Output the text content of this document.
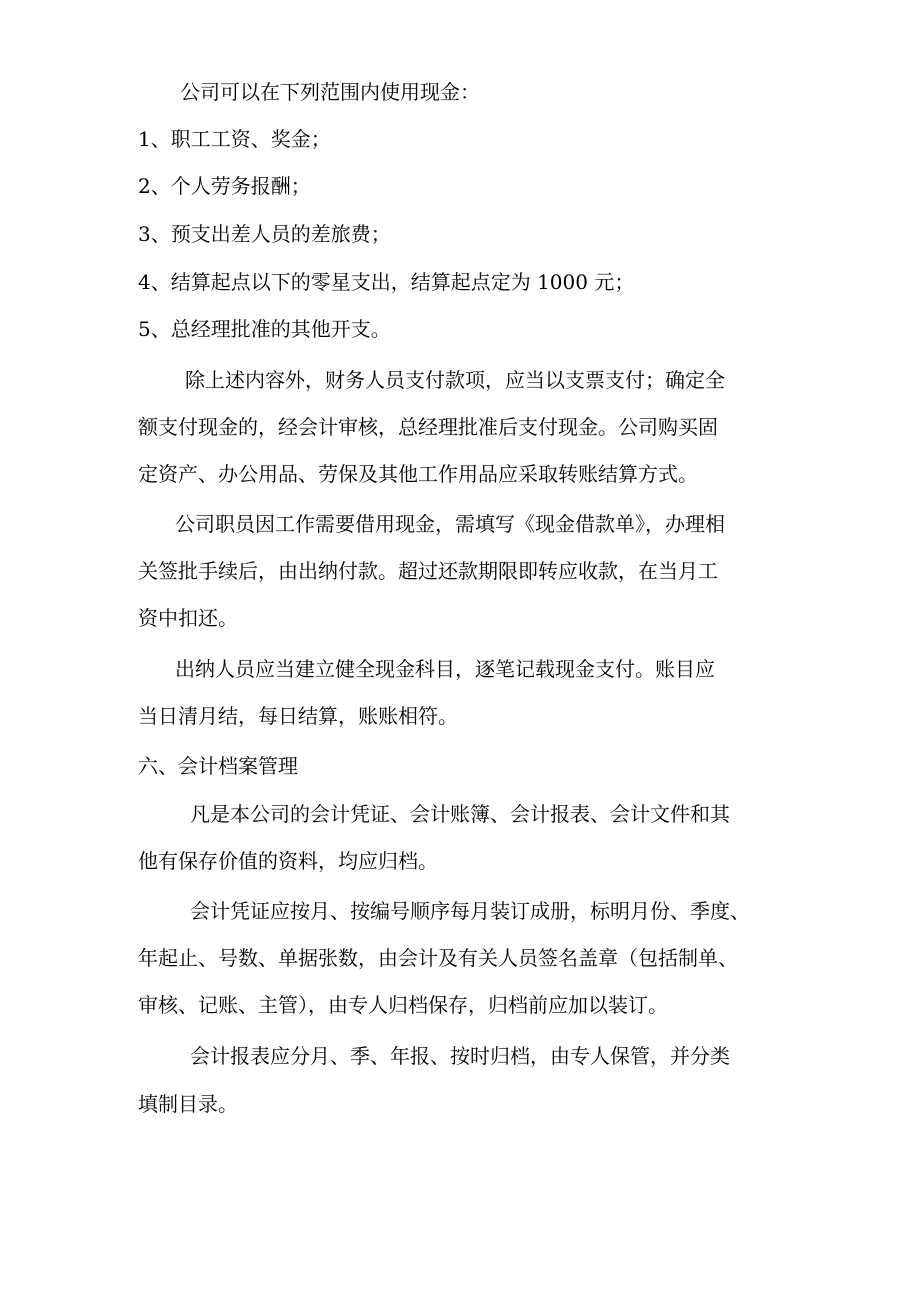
公司可以在下列范围内使用现金：
1、职工工资、奖金；
2、个人劳务报酬；
3、预支出差人员的差旅费；
4、结算起点以下的零星支出，结算起点定为 1000 元；
5、总经理批准的其他开支。
除上述内容外，财务人员支付款项，应当以支票支付；确定全
额支付现金的，经会计审核，总经理批准后支付现金。公司购买固
定资产、办公用品、劳保及其他工作用品应采取转账结算方式。
公司职员因工作需要借用现金，需填写《现金借款单》，办理相
关签批手续后，由出纳付款。超过还款期限即转应收款，在当月工
资中扣还。
出纳人员应当建立健全现金科目，逐笔记载现金支付。账目应
当日清月结，每日结算，账账相符。
六、会计档案管理
凡是本公司的会计凭证、会计账簿、会计报表、会计文件和其
他有保存价值的资料，均应归档。
会计凭证应按月、按编号顺序每月装订成册，标明月份、季度、
年起止、号数、单据张数，由会计及有关人员签名盖章（包括制单、
审核、记账、主管），由专人归档保存，归档前应加以装订。
会计报表应分月、季、年报、按时归档，由专人保管，并分类
填制目录。
